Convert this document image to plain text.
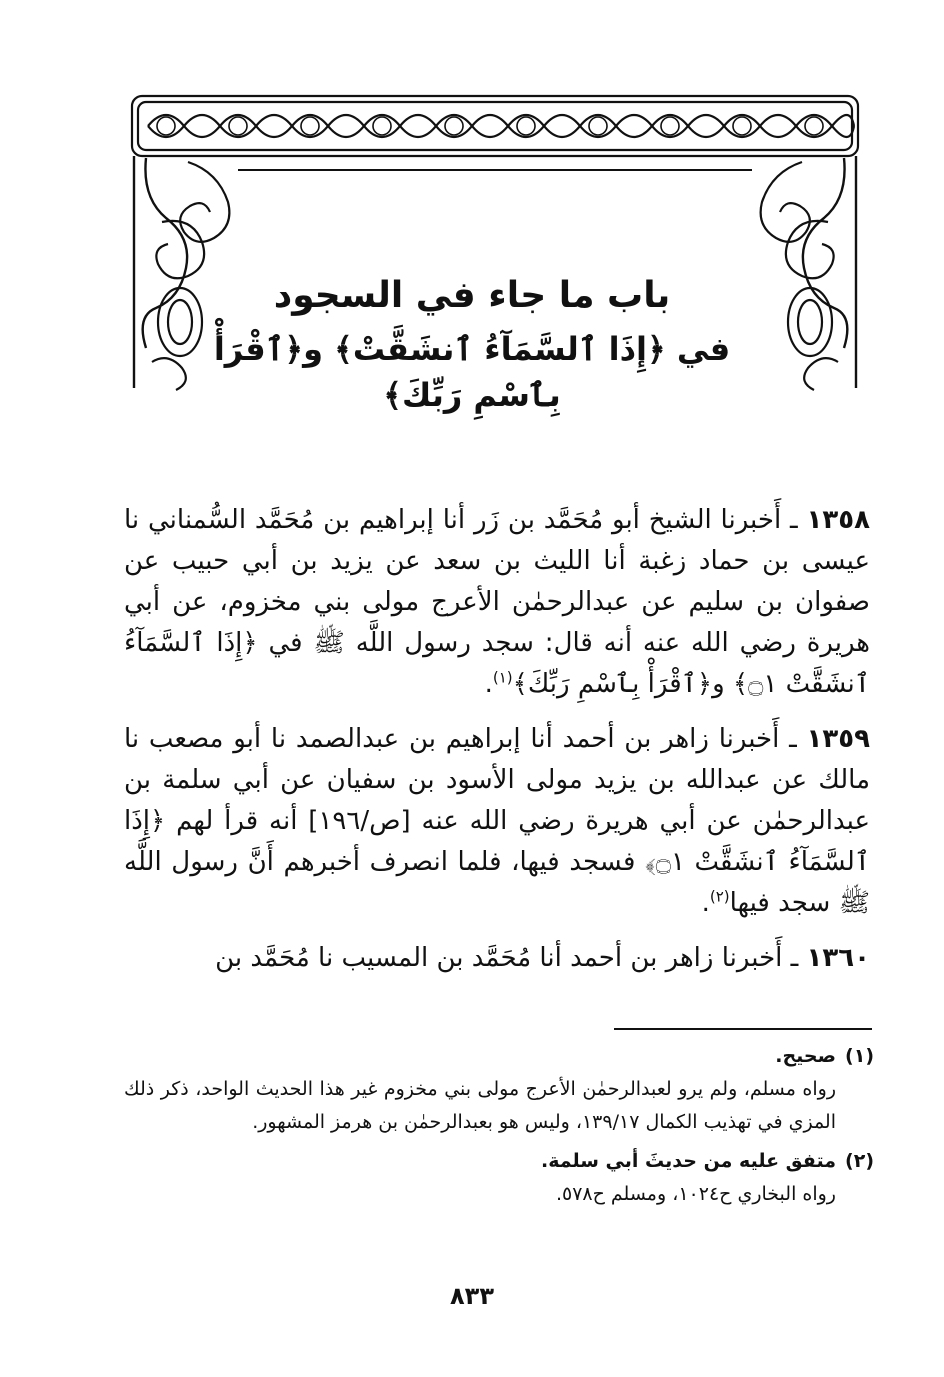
باب ما جاء في السجود
في ﴿إِذَا ٱلسَّمَآءُ ٱنشَقَّتْ﴾ و﴿ٱقْرَأْ بِٱسْمِ رَبِّكَ﴾

١٣٥٨ ـ أَخبرنا الشيخ أبو مُحَمَّد بن زَر أنا إبراهيم بن مُحَمَّد السُّمناني نا عيسى بن حماد زغبة أنا الليث بن سعد عن يزيد بن أبي حبيب عن صفوان بن سليم عن عبدالرحمٰن الأعرج مولى بني مخزوم، عن أبي هريرة رضي الله عنه أنه قال: سجد رسول اللَّه ﷺ في ﴿إِذَا ٱلسَّمَآءُ ٱنشَقَّتْ ۝١﴾ و﴿ٱقْرَأْ بِٱسْمِ رَبِّكَ﴾$^{(١)}$.

١٣٥٩ ـ أَخبرنا زاهر بن أحمد أنا إبراهيم بن عبدالصمد نا أبو مصعب نا مالك عن عبدالله بن يزيد مولى الأسود بن سفيان عن أبي سلمة بن عبدالرحمٰن عن أبي هريرة رضي الله عنه [ص/١٩٦] أنه قرأ لهم ﴿إِذَا ٱلسَّمَآءُ ٱنشَقَّتْ ۝١﴾ فسجد فيها، فلما انصرف أخبرهم أَنَّ رسول اللَّه ﷺ سجد فيها$^{(٢)}$.

١٣٦٠ ـ أَخبرنا زاهر بن أحمد أنا مُحَمَّد بن المسيب نا مُحَمَّد بن

(١)صحيح.

رواه مسلم، ولم يرو لعبدالرحمٰن الأعرج مولى بني مخزوم غير هذا الحديث الواحد، ذكر ذلك المزي في تهذيب الكمال ١٣٩/١٧، وليس هو بعبدالرحمٰن بن هرمز المشهور.

(٢)متفق عليه من حديثَ أبي سلمة.

رواه البخاري ح١٠٢٤، ومسلم ح٥٧٨.

٨٣٣
